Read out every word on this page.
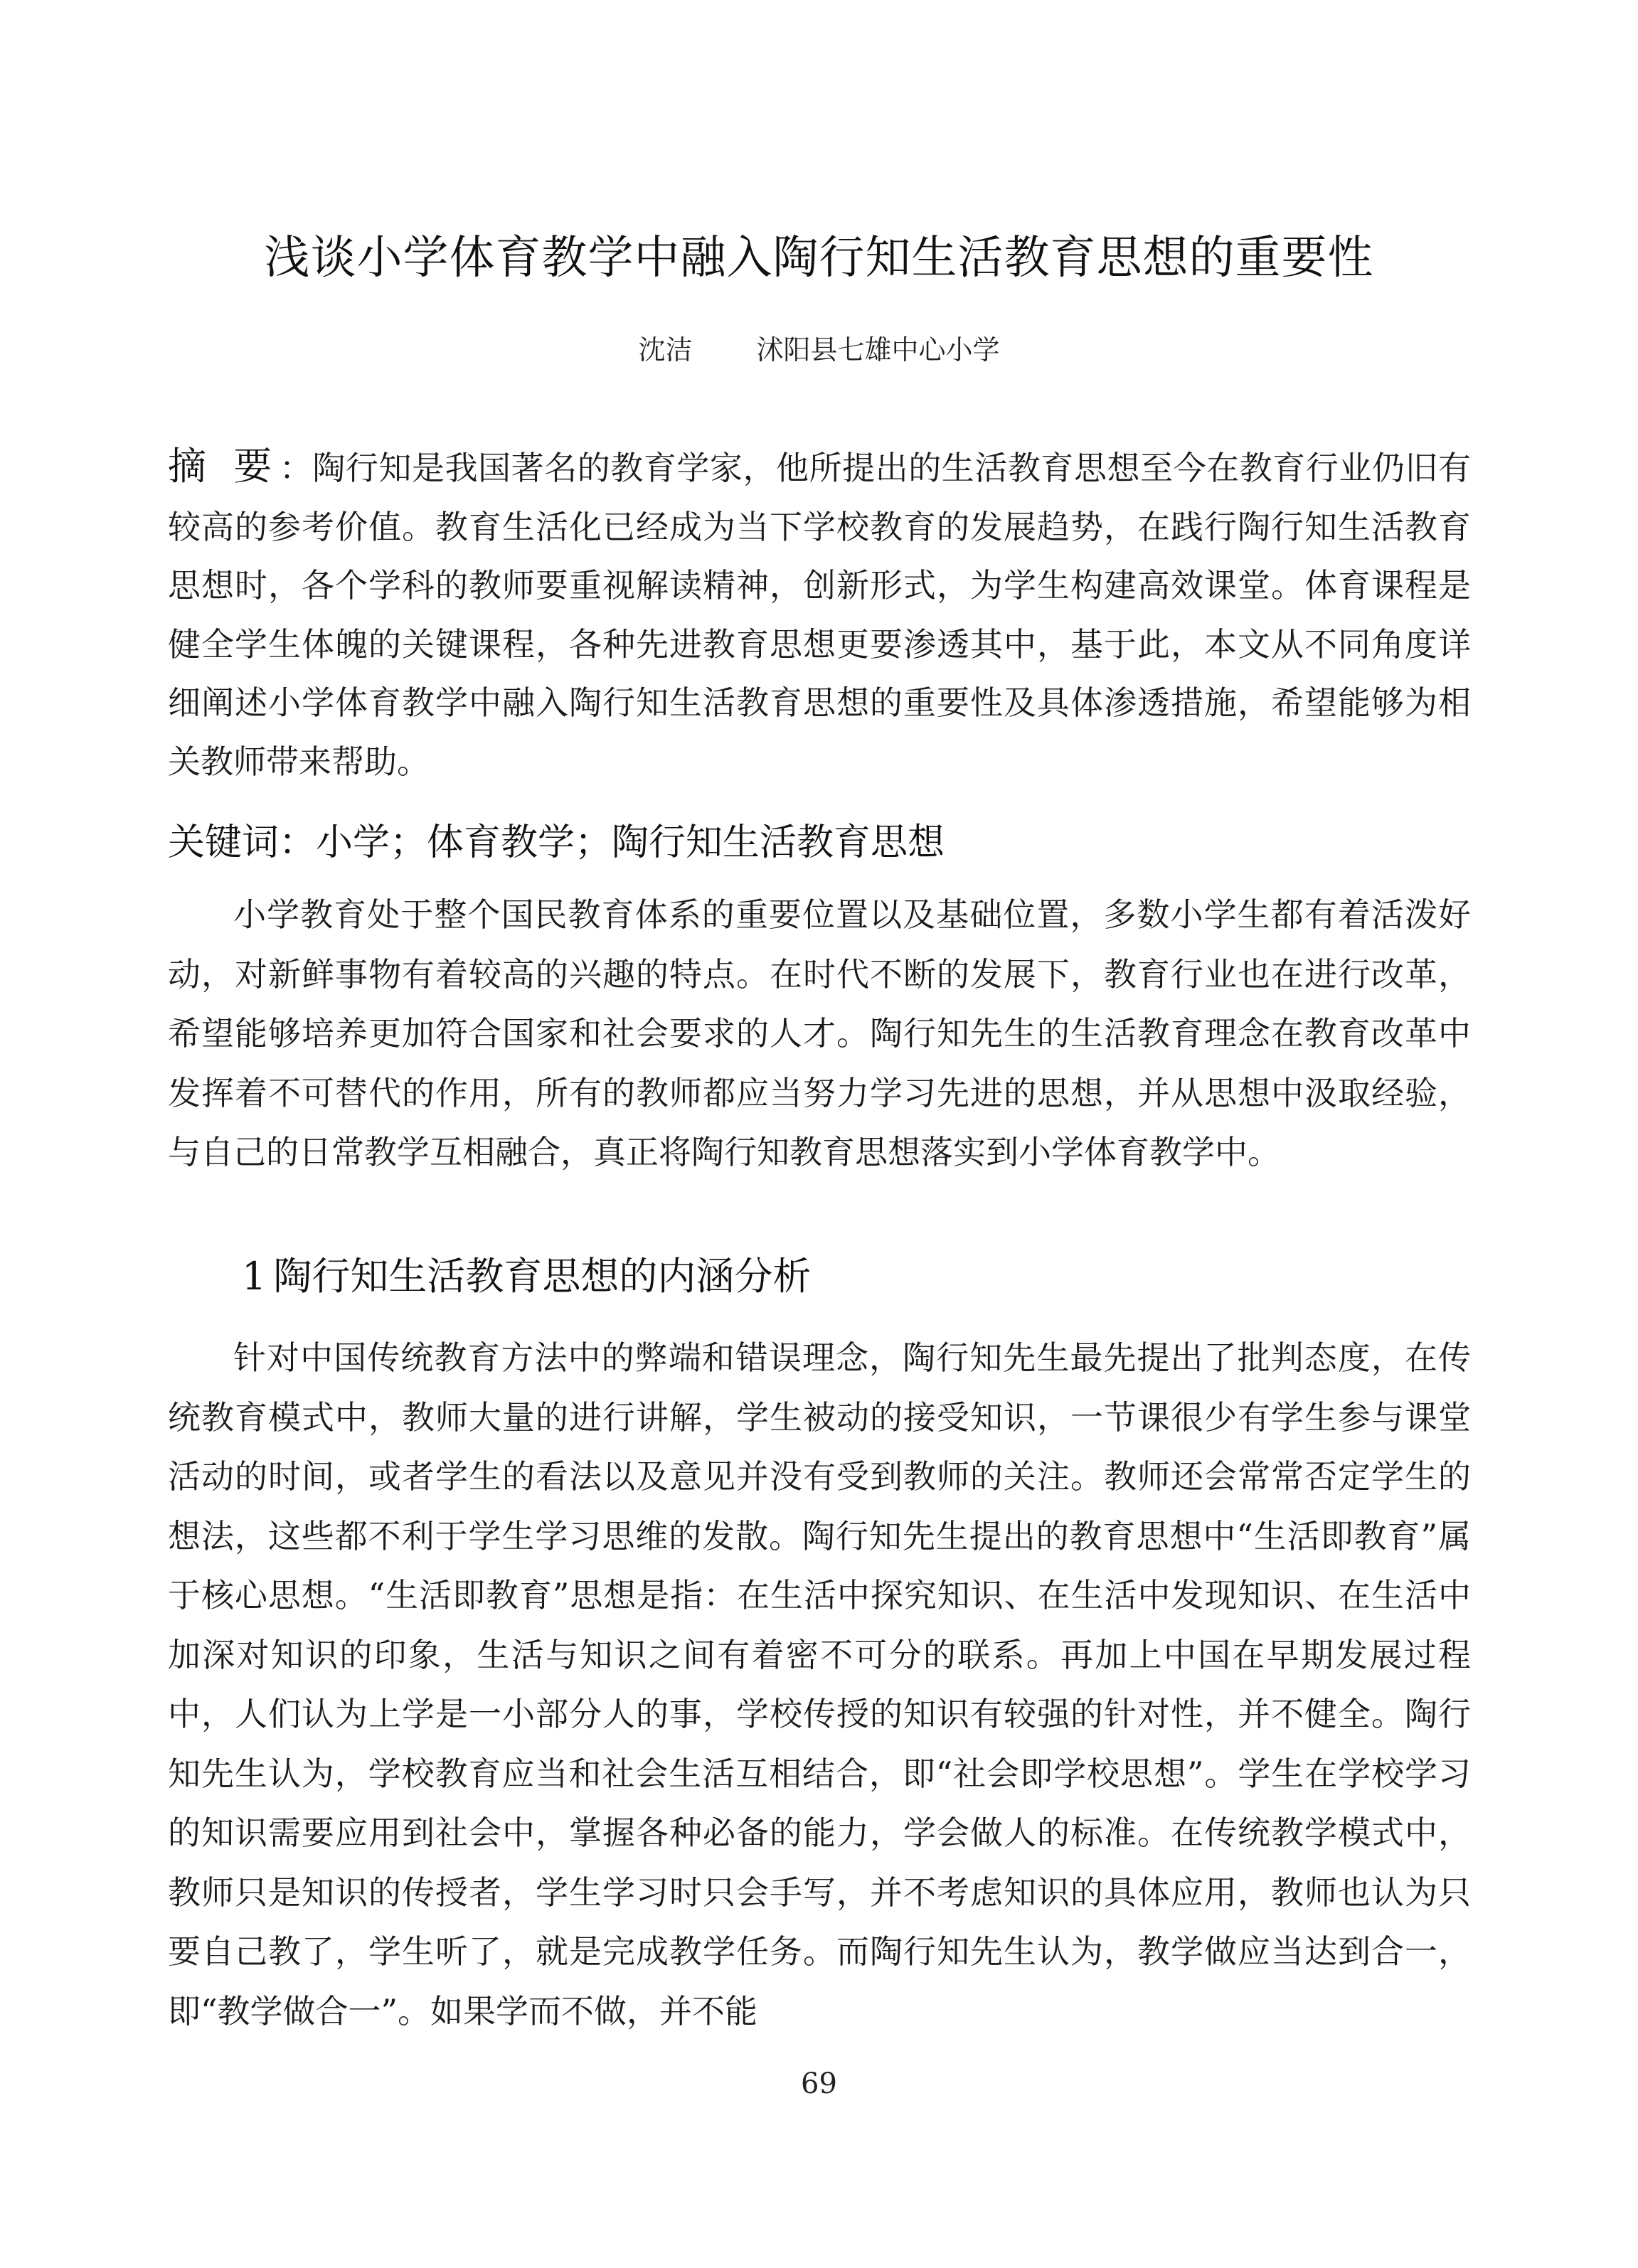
浅谈小学体育教学中融入陶行知生活教育思想的重要性
沈洁 沭阳县七雄中心小学
摘 要：陶行知是我国著名的教育学家，他所提出的生活教育思想至今在教育行业仍旧有较高的参考价值。教育生活化已经成为当下学校教育的发展趋势，在践行陶行知生活教育思想时，各个学科的教师要重视解读精神，创新形式，为学生构建高效课堂。体育课程是健全学生体魄的关键课程，各种先进教育思想更要渗透其中，基于此，本文从不同角度详细阐述小学体育教学中融入陶行知生活教育思想的重要性及具体渗透措施，希望能够为相关教师带来帮助。
关键词：小学；体育教学；陶行知生活教育思想

小学教育处于整个国民教育体系的重要位置以及基础位置，多数小学生都有着活泼好动，对新鲜事物有着较高的兴趣的特点。在时代不断的发展下，教育行业也在进行改革，希望能够培养更加符合国家和社会要求的人才。陶行知先生的生活教育理念在教育改革中发挥着不可替代的作用，所有的教师都应当努力学习先进的思想，并从思想中汲取经验，与自己的日常教学互相融合，真正将陶行知教育思想落实到小学体育教学中。

1 陶行知生活教育思想的内涵分析

针对中国传统教育方法中的弊端和错误理念，陶行知先生最先提出了批判态度，在传统教育模式中，教师大量的进行讲解，学生被动的接受知识，一节课很少有学生参与课堂活动的时间，或者学生的看法以及意见并没有受到教师的关注。教师还会常常否定学生的想法，这些都不利于学生学习思维的发散。陶行知先生提出的教育思想中“生活即教育”属于核心思想。“生活即教育”思想是指：在生活中探究知识、在生活中发现知识、在生活中加深对知识的印象，生活与知识之间有着密不可分的联系。再加上中国在早期发展过程中，人们认为上学是一小部分人的事，学校传授的知识有较强的针对性，并不健全。陶行知先生认为，学校教育应当和社会生活互相结合，即“社会即学校思想”。学生在学校学习的知识需要应用到社会中，掌握各种必备的能力，学会做人的标准。在传统教学模式中，教师只是知识的传授者，学生学习时只会手写，并不考虑知识的具体应用，教师也认为只要自己教了，学生听了，就是完成教学任务。而陶行知先生认为，教学做应当达到合一，即“教学做合一”。如果学而不做，并不能

69
